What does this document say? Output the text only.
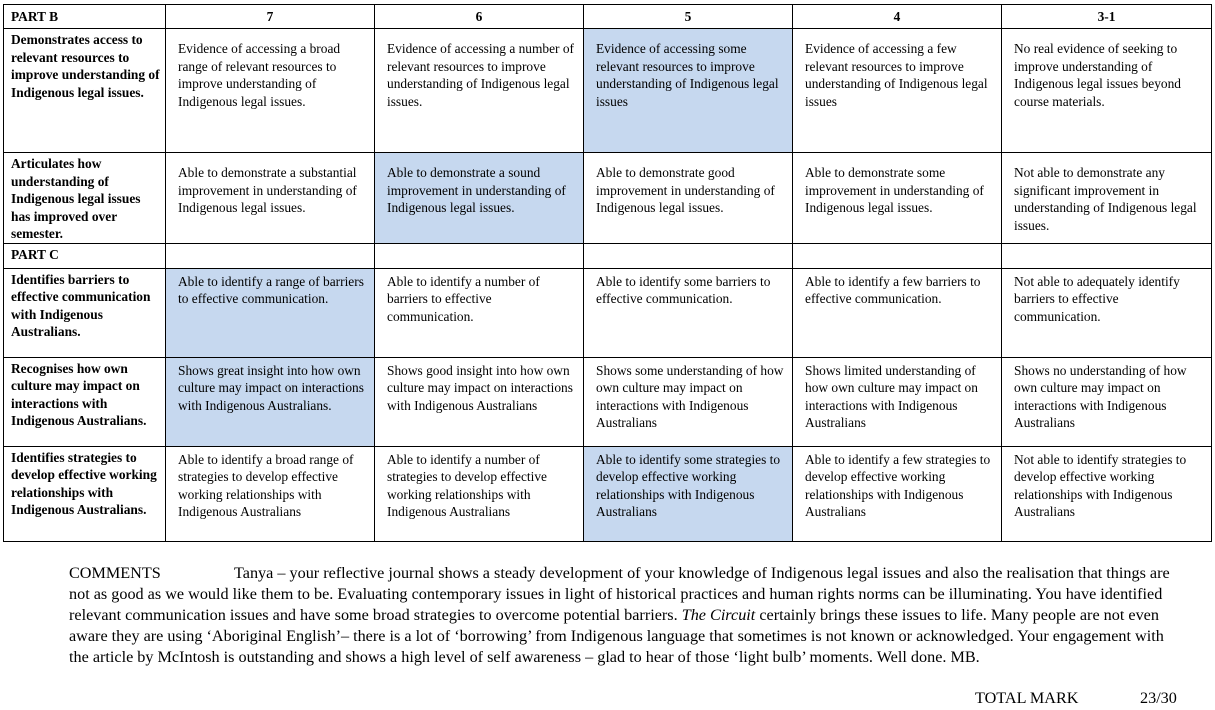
PART B	7	6	5	4	3-1
Demonstrates access to relevant resources to improve understanding of Indigenous legal issues.	Evidence of accessing a broad range of relevant resources to improve understanding of Indigenous legal issues.	Evidence of accessing a number of relevant resources to improve understanding of Indigenous legal issues.	Evidence of accessing some relevant resources to improve understanding of Indigenous legal issues	Evidence of accessing a few relevant resources to improve understanding of Indigenous legal issues	No real evidence of seeking to improve understanding of Indigenous legal issues beyond course materials.
Articulates how understanding of Indigenous legal issues has improved over semester.	Able to demonstrate a substantial improvement in understanding of Indigenous legal issues.	Able to demonstrate a sound improvement in understanding of Indigenous legal issues.	Able to demonstrate good improvement in understanding of Indigenous legal issues.	Able to demonstrate some improvement in understanding of Indigenous legal issues.	Not able to demonstrate any significant improvement in understanding of Indigenous legal issues.
PART C					
Identifies barriers to effective communication with Indigenous Australians.	Able to identify a range of barriers to effective communication.	Able to identify a number of barriers to effective communication.	Able to identify some barriers to effective communication.	Able to identify a few barriers to effective communication.	Not able to adequately identify barriers to effective communication.
Recognises how own culture may impact on interactions with Indigenous Australians.	Shows great insight into how own culture may impact on interactions with Indigenous Australians.	Shows good insight into how own culture may impact on interactions with Indigenous Australians	Shows some understanding of how own culture may impact on interactions with Indigenous Australians	Shows limited understanding of how own culture may impact on interactions with Indigenous Australians	Shows no understanding of how own culture may impact on interactions with Indigenous Australians
Identifies strategies to develop effective working relationships with Indigenous Australians.	Able to identify a broad range of strategies to develop effective working relationships with Indigenous Australians	Able to identify a number of strategies to develop effective working relationships with Indigenous Australians	Able to identify some strategies to develop effective working relationships with Indigenous Australians	Able to identify a few strategies to develop effective working relationships with Indigenous Australians	Not able to identify strategies to develop effective working relationships with Indigenous Australians
COMMENTS	Tanya – your reflective journal shows a steady development of your knowledge of Indigenous legal issues and also the realisation that things are not as good as we would like them to be. Evaluating contemporary issues in light of historical practices and human rights norms can be illuminating. You have identified relevant communication issues and have some broad strategies to overcome potential barriers. The Circuit certainly brings these issues to life. Many people are not even aware they are using ‘Aboriginal English’– there is a lot of ‘borrowing’ from Indigenous language that sometimes is not known or acknowledged. Your engagement with the article by McIntosh is outstanding and shows a high level of self awareness – glad to hear of those ‘light bulb’ moments. Well done. MB.
TOTAL MARK	23/30
